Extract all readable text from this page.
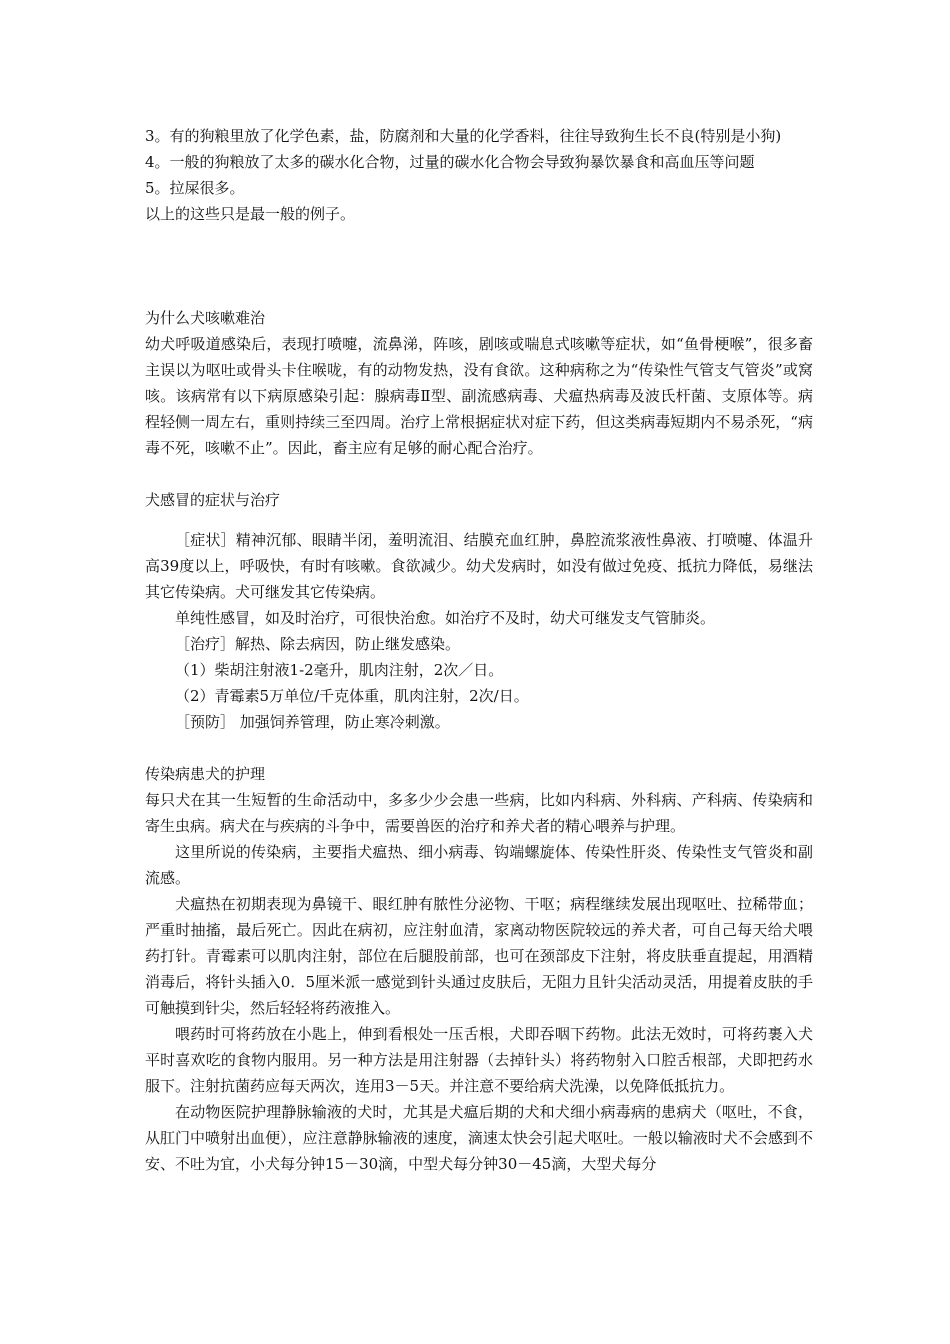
3。有的狗粮里放了化学色素，盐，防腐剂和大量的化学香料，往往导致狗生长不良(特别是小狗)

4。一般的狗粮放了太多的碳水化合物，过量的碳水化合物会导致狗暴饮暴食和高血压等问题

5。拉屎很多。

以上的这些只是最一般的例子。

为什么犬咳嗽难治

幼犬呼吸道感染后，表现打喷嚏，流鼻涕，阵咳，剧咳或喘息式咳嗽等症状，如“鱼骨梗喉”，很多畜主误以为呕吐或骨头卡住喉咙，有的动物发热，没有食欲。这种病称之为“传染性气管支气管炎”或窝咳。该病常有以下病原感染引起：腺病毒Ⅱ型、副流感病毒、犬瘟热病毒及波氏杆菌、支原体等。病程轻侧一周左右，重则持续三至四周。治疗上常根据症状对症下药，但这类病毒短期内不易杀死，“病毒不死，咳嗽不止”。因此，畜主应有足够的耐心配合治疗。

犬感冒的症状与治疗

［症状］精神沉郁、眼睛半闭，羞明流泪、结膜充血红肿，鼻腔流浆液性鼻液、打喷嚏、体温升高39度以上，呼吸快，有时有咳嗽。食欲减少。幼犬发病时，如没有做过免疫、抵抗力降低，易继法其它传染病。犬可继发其它传染病。

单纯性感冒，如及时治疗，可很快治愈。如治疗不及时，幼犬可继发支气管肺炎。

［治疗］解热、除去病因，防止继发感染。

（1）柴胡注射液1-2毫升，肌肉注射，2次／日。

（2）青霉素5万单位/千克体重，肌肉注射，2次/日。

［预防］ 加强饲养管理，防止寒冷刺激。

传染病患犬的护理

每只犬在其一生短暂的生命活动中，多多少少会患一些病，比如内科病、外科病、产科病、传染病和寄生虫病。病犬在与疾病的斗争中，需要兽医的治疗和养犬者的精心喂养与护理。

这里所说的传染病，主要指犬瘟热、细小病毒、钩端螺旋体、传染性肝炎、传染性支气管炎和副流感。

犬瘟热在初期表现为鼻镜干、眼红肿有脓性分泌物、干呕；病程继续发展出现呕吐、拉稀带血；严重时抽搐，最后死亡。因此在病初，应注射血清，家离动物医院较远的养犬者，可自己每天给犬喂药打针。青霉素可以肌肉注射，部位在后腿股前部，也可在颈部皮下注射，将皮肤垂直提起，用酒精消毒后，将针头插入0．5厘米派一感觉到针头通过皮肤后，无阻力且针尖活动灵活，用提着皮肤的手可触摸到针尖，然后轻轻将药液推入。

喂药时可将药放在小匙上，伸到看根处一压舌根，犬即吞咽下药物。此法无效时，可将药裹入犬平时喜欢吃的食物内服用。另一种方法是用注射器（去掉针头）将药物射入口腔舌根部，犬即把药水服下。注射抗菌药应每天两次，连用3－5天。并注意不要给病犬洗澡，以免降低抵抗力。

在动物医院护理静脉输液的犬时，尤其是犬瘟后期的犬和犬细小病毒病的患病犬（呕吐，不食，从肛门中喷射出血便），应注意静脉输液的速度，滴速太快会引起犬呕吐。一般以输液时犬不会感到不安、不吐为宜，小犬每分钟15－30滴，中型犬每分钟30－45滴，大型犬每分
